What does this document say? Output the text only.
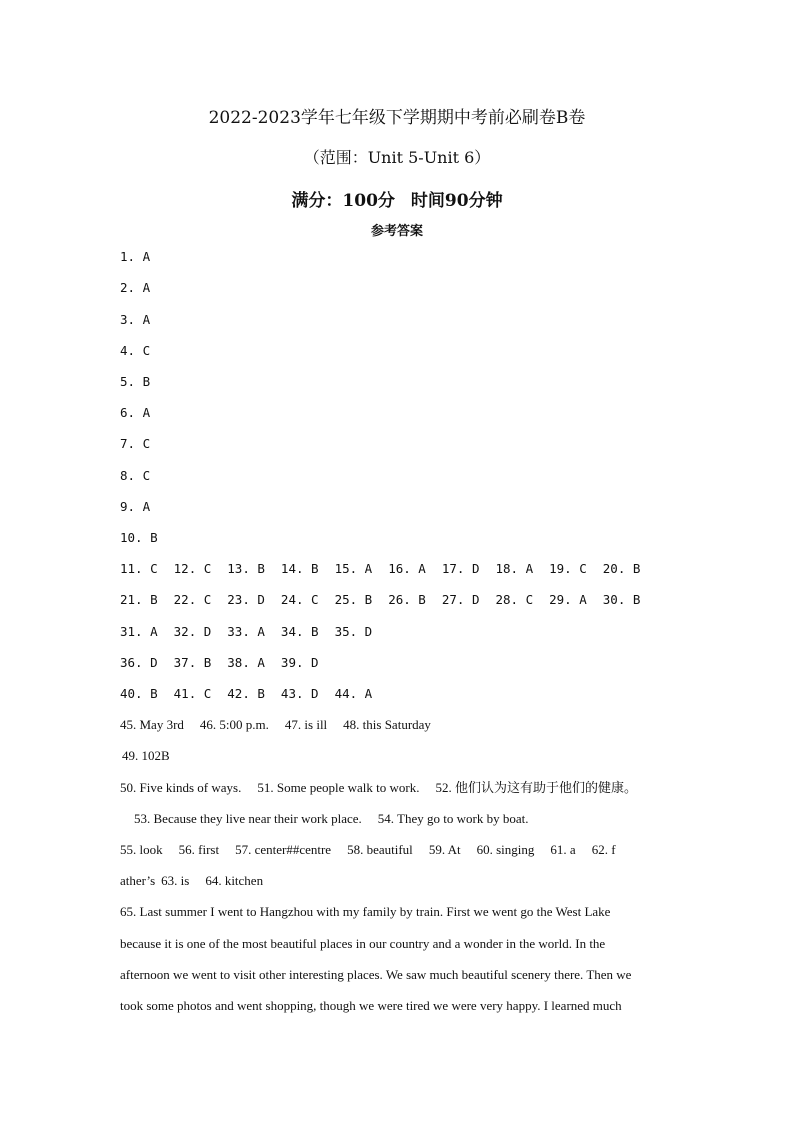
2022-2023学年七年级下学期期中考前必刷卷B卷
（范围：Unit 5-Unit 6）
满分：100分 时间90分钟
参考答案
1. A
2. A
3. A
4. C
5. B
6. A
7. C
8. C
9. A
10. B
11. C 12. C 13. B 14. B 15. A 16. A 17. D 18. A 19. C 20. B
21. B 22. C 23. D 24. C 25. B 26. B 27. D 28. C 29. A 30. B
31. A 32. D 33. A 34. B 35. D
36. D 37. B 38. A 39. D
40. B 41. C 42. B 43. D 44. A
45. May 3rd 46. 5:00 p.m. 47. is ill 48. this Saturday
49. 102B
50. Five kinds of ways. 51. Some people walk to work. 52. 他们认为这有助于他们的健康。
53. Because they live near their work place. 54. They go to work by boat.
55. look 56. first 57. center##centre 58. beautiful 59. At 60. singing 61. a 62. f
ather’s 63. is 64. kitchen
65. Last summer I went to Hangzhou with my family by train. First we went go the West Lake
because it is one of the most beautiful places in our country and a wonder in the world. In the
afternoon we went to visit other interesting places. We saw much beautiful scenery there. Then we
took some photos and went shopping, though we were tired we were very happy. I learned much
